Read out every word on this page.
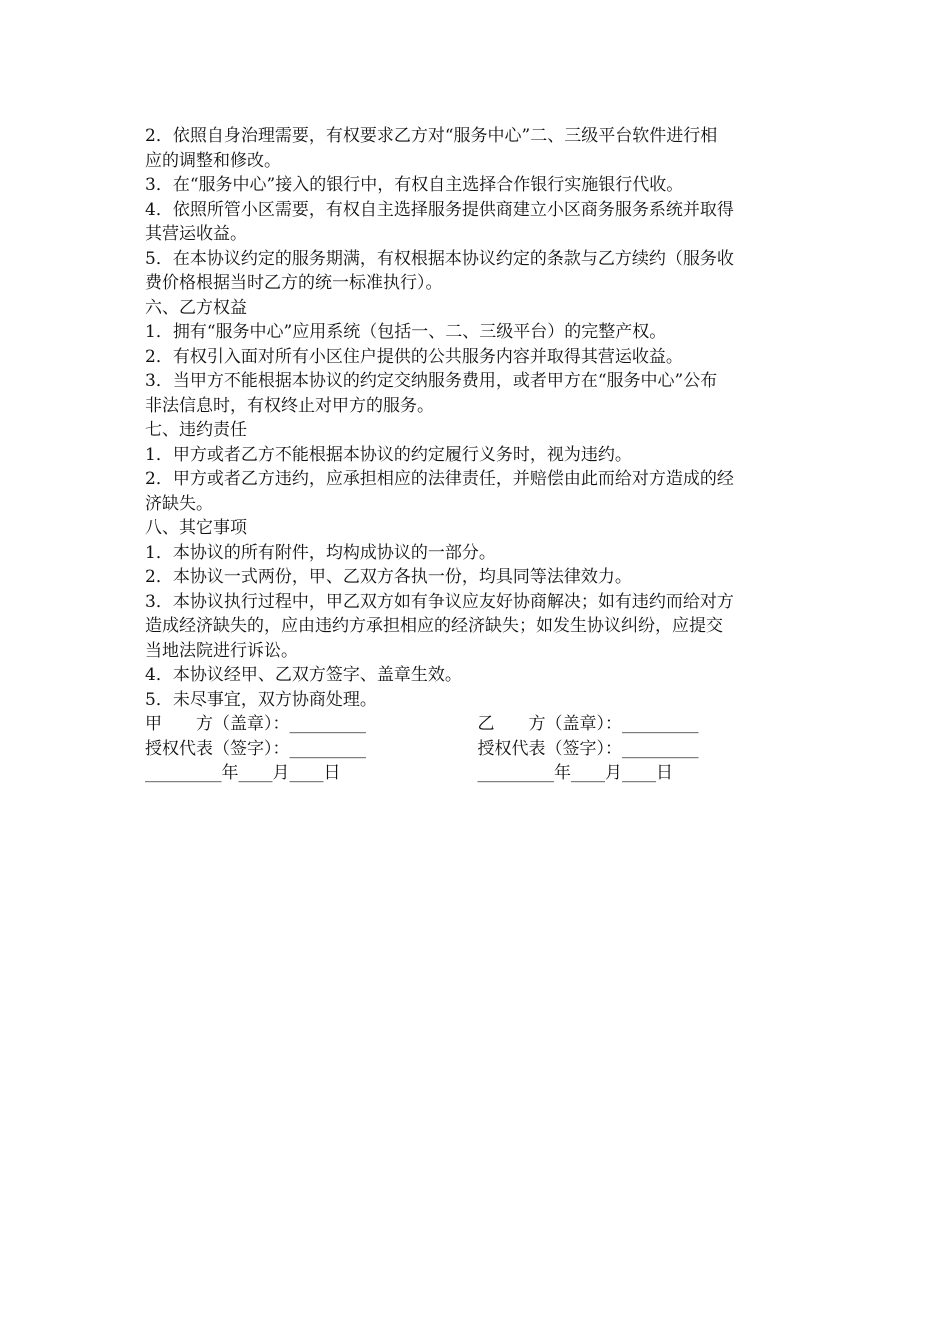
2．依照自身治理需要，有权要求乙方对“服务中心”二、三级平台软件进行相
应的调整和修改。
3．在“服务中心”接入的银行中，有权自主选择合作银行实施银行代收。
4．依照所管小区需要，有权自主选择服务提供商建立小区商务服务系统并取得
其营运收益。
5．在本协议约定的服务期满，有权根据本协议约定的条款与乙方续约（服务收
费价格根据当时乙方的统一标准执行）。
六、乙方权益
1．拥有“服务中心”应用系统（包括一、二、三级平台）的完整产权。
2．有权引入面对所有小区住户提供的公共服务内容并取得其营运收益。
3．当甲方不能根据本协议的约定交纳服务费用，或者甲方在“服务中心”公布
非法信息时，有权终止对甲方的服务。
七、违约责任
1．甲方或者乙方不能根据本协议的约定履行义务时，视为违约。
2．甲方或者乙方违约，应承担相应的法律责任，并赔偿由此而给对方造成的经
济缺失。
八、其它事项
1．本协议的所有附件，均构成协议的一部分。
2．本协议一式两份，甲、乙双方各执一份，均具同等法律效力。
3．本协议执行过程中，甲乙双方如有争议应友好协商解决；如有违约而给对方
造成经济缺失的，应由违约方承担相应的经济缺失；如发生协议纠纷，应提交
当地法院进行诉讼。
4．本协议经甲、乙双方签字、盖章生效。
5．未尽事宜，双方协商处理。
甲　　方（盖章）：_________	乙　　方（盖章）：_________
授权代表（签字）：_________	授权代表（签字）：_________
_________年____月____日	_________年____月____日
